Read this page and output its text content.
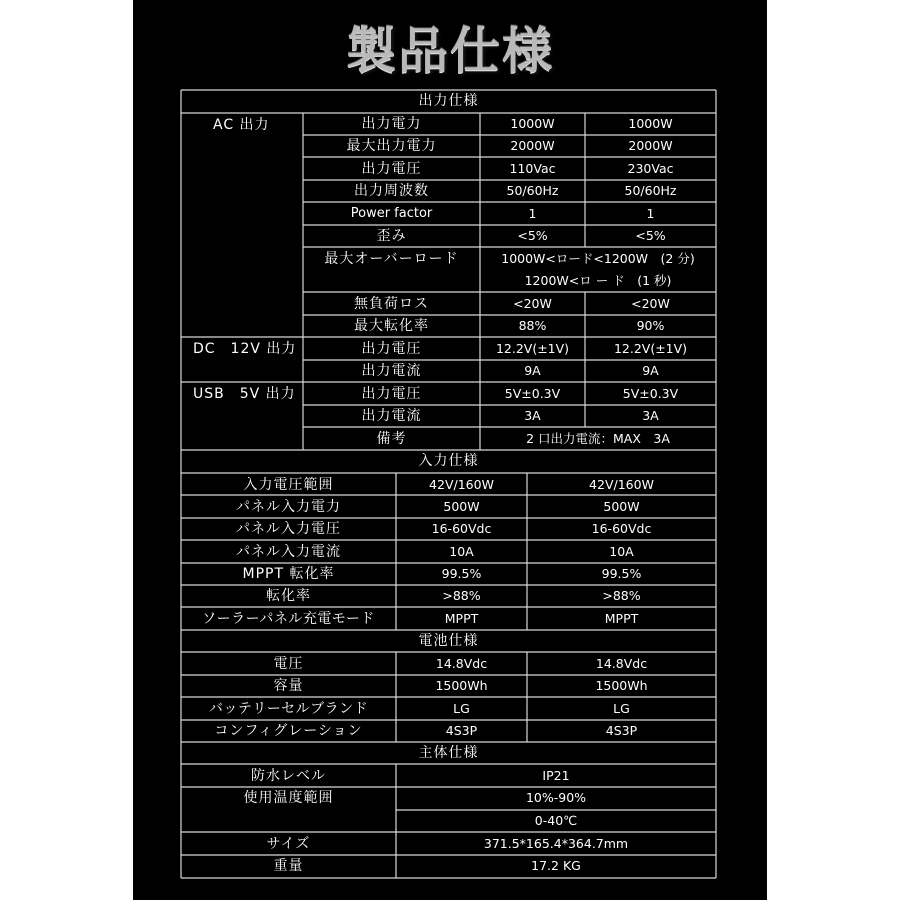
製品仕様
出力仕様
AC 出力	出力電力	1000W	1000W
最大出力電力	2000W	2000W
出力電圧	110Vac	230Vac
出力周波数	50/60Hz	50/60Hz
Power factor	1	1
歪み	<5%	<5%
最大オーバーロード	1000W<ロード<1200W　(2 分)
1200W<ロ ー ド　(1 秒)
無負荷ロス	<20W	<20W
最大転化率	88%	90%
DC　12V 出力	出力電圧	12.2V(±1V)	12.2V(±1V)
出力電流	9A	9A
USB　5V 出力	出力電圧	5V±0.3V	5V±0.3V
出力電流	3A	3A
備考	2 口出力電流：MAX　3A
入力仕様
入力電圧範囲	42V/160W	42V/160W
パネル入力電力	500W	500W
パネル入力電圧	16-60Vdc	16-60Vdc
パネル入力電流	10A	10A
MPPT 転化率	99.5%	99.5%
転化率	>88%	>88%
ソーラーパネル充電モード	MPPT	MPPT
電池仕様
電圧	14.8Vdc	14.8Vdc
容量	1500Wh	1500Wh
バッテリーセルブランド	LG	LG
コンフィグレーション	4S3P	4S3P
主体仕様
防水レベル	IP21
使用温度範囲	10%-90%
0-40℃
サイズ	371.5*165.4*364.7mm
重量	17.2 KG
